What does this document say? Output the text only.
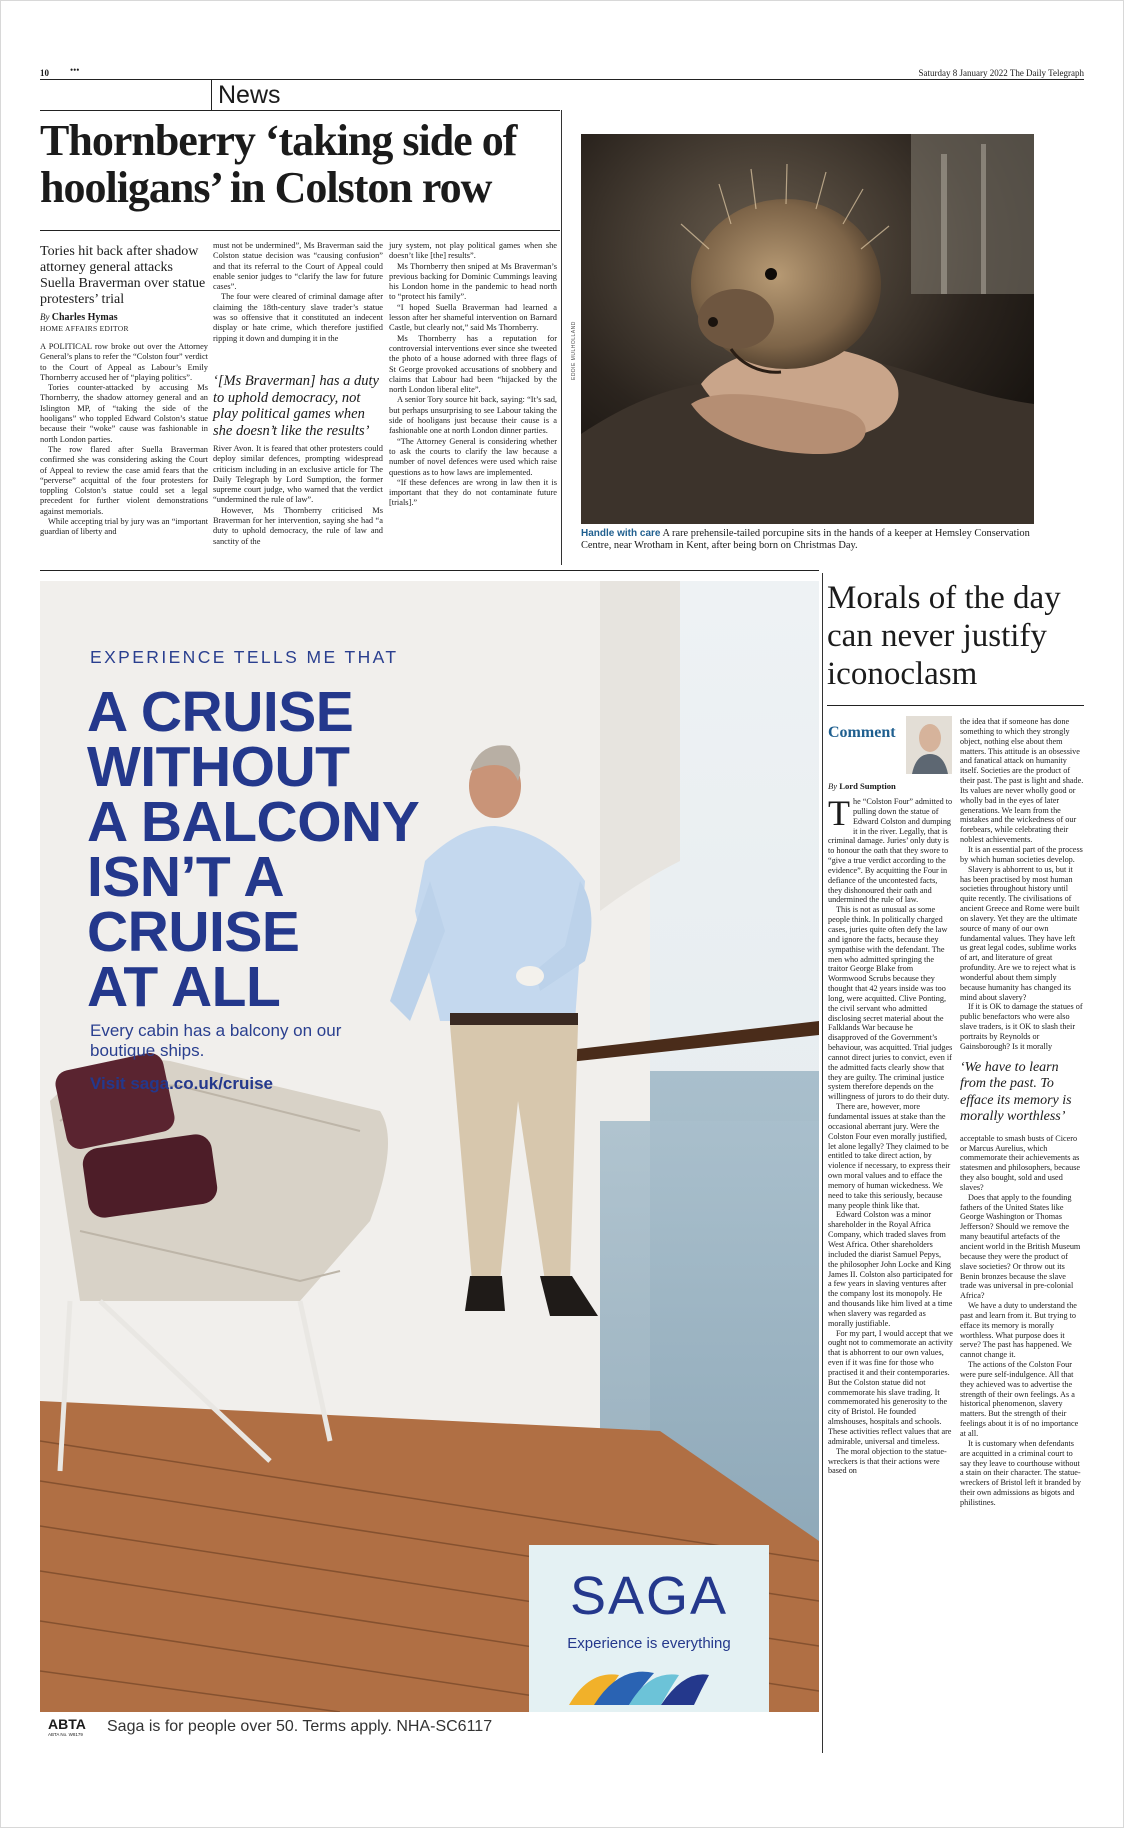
10 •••	Saturday 8 January 2022 The Daily Telegraph
News
Thornberry ‘taking side of hooligans’ in Colston row
Tories hit back after shadow attorney general attacks Suella Braverman over statue protesters’ trial
By Charles Hymas
HOME AFFAIRS EDITOR

A POLITICAL row broke out over the Attorney General’s plans to refer the “Colston four” verdict to the Court of Appeal as Labour’s Emily Thornberry accused her of “playing politics”.

Tories counter-attacked by accusing Ms Thornberry, the shadow attorney general and an Islington MP, of “taking the side of the hooligans” who toppled Edward Colston’s statue because their “woke” cause was fashionable in north London parties.

The row flared after Suella Braverman confirmed she was considering asking the Court of Appeal to review the case amid fears that the “perverse” acquittal of the four protesters for toppling Colston’s statue could set a legal precedent for further violent demonstrations against memorials.

While accepting trial by jury was an “important guardian of liberty and

must not be undermined”, Ms Braverman said the Colston statue decision was “causing confusion” and that its referral to the Court of Appeal could enable senior judges to “clarify the law for future cases”.

The four were cleared of criminal damage after claiming the 18th-century slave trader’s statue was so offensive that it constituted an indecent display or hate crime, which therefore justified ripping it down and dumping it in the

‘[Ms Braverman] has a duty to uphold democracy, not play political games when she doesn’t like the results’

River Avon. It is feared that other protesters could deploy similar defences, prompting widespread criticism including in an exclusive article for The Daily Telegraph by Lord Sumption, the former supreme court judge, who warned that the verdict “undermined the rule of law”.

However, Ms Thornberry criticised Ms Braverman for her intervention, saying she had “a duty to uphold democracy, the rule of law and sanctity of the

jury system, not play political games when she doesn’t like [the] results”.

Ms Thornberry then sniped at Ms Braverman’s previous backing for Dominic Cummings leaving his London home in the pandemic to head north to “protect his family”.

“I hoped Suella Braverman had learned a lesson after her shameful intervention on Barnard Castle, but clearly not,” said Ms Thornberry.

Ms Thornberry has a reputation for controversial interventions ever since she tweeted the photo of a house adorned with three flags of St George provoked accusations of snobbery and claims that Labour had been “hijacked by the north London liberal elite”.

A senior Tory source hit back, saying: “It’s sad, but perhaps unsurprising to see Labour taking the side of hooligans just because their cause is a fashionable one at north London dinner parties.

“The Attorney General is considering whether to ask the courts to clarify the law because a number of novel defences were used which raise questions as to how laws are implemented.

“If these defences are wrong in law then it is important that they do not contaminate future [trials].”

EDDIE MULHOLLAND
Handle with care A rare prehensile-tailed porcupine sits in the hands of a keeper at Hemsley Conservation Centre, near Wrotham in Kent, after being born on Christmas Day.
EXPERIENCE TELLS ME THAT
A CRUISE
WITHOUT
A BALCONY
ISN’T A
CRUISE
AT ALL
Every cabin has a balcony on our boutique ships.
Visit saga.co.uk/cruise
SAGA
Experience is everything
ABTA
ABTA No. W8179 Saga is for people over 50. Terms apply. NHA-SC6117
Morals of the day can never justify iconoclasm
Comment
By Lord Sumption

The “Colston Four” admitted to pulling down the statue of Edward Colston and dumping it in the river. Legally, that is criminal damage. Juries’ only duty is to honour the oath that they swore to “give a true verdict according to the evidence”. By acquitting the Four in defiance of the uncontested facts, they dishonoured their oath and undermined the rule of law.

This is not as unusual as some people think. In politically charged cases, juries quite often defy the law and ignore the facts, because they sympathise with the defendant. The men who admitted springing the traitor George Blake from Wormwood Scrubs because they thought that 42 years inside was too long, were acquitted. Clive Ponting, the civil servant who admitted disclosing secret material about the Falklands War because he disapproved of the Government’s behaviour, was acquitted. Trial judges cannot direct juries to convict, even if the admitted facts clearly show that they are guilty. The criminal justice system therefore depends on the willingness of jurors to do their duty.

There are, however, more fundamental issues at stake than the occasional aberrant jury. Were the Colston Four even morally justified, let alone legally? They claimed to be entitled to take direct action, by violence if necessary, to express their own moral values and to efface the memory of human wickedness. We need to take this seriously, because many people think like that.

Edward Colston was a minor shareholder in the Royal Africa Company, which traded slaves from West Africa. Other shareholders included the diarist Samuel Pepys, the philosopher John Locke and King James II. Colston also participated for a few years in slaving ventures after the company lost its monopoly. He and thousands like him lived at a time when slavery was regarded as morally justifiable.

For my part, I would accept that we ought not to commemorate an activity that is abhorrent to our own values, even if it was fine for those who practised it and their contemporaries. But the Colston statue did not commemorate his slave trading. It commemorated his generosity to the city of Bristol. He founded almshouses, hospitals and schools. These activities reflect values that are admirable, universal and timeless.

The moral objection to the statue-wreckers is that their actions were based on

the idea that if someone has done something to which they strongly object, nothing else about them matters. This attitude is an obsessive and fanatical attack on humanity itself. Societies are the product of their past. The past is light and shade. Its values are never wholly good or wholly bad in the eyes of later generations. We learn from the mistakes and the wickedness of our forebears, while celebrating their noblest achievements.

It is an essential part of the process by which human societies develop.

Slavery is abhorrent to us, but it has been practised by most human societies throughout history until quite recently. The civilisations of ancient Greece and Rome were built on slavery. Yet they are the ultimate source of many of our own fundamental values. They have left us great legal codes, sublime works of art, and literature of great profundity. Are we to reject what is wonderful about them simply because humanity has changed its mind about slavery?

If it is OK to damage the statues of public benefactors who were also slave traders, is it OK to slash their portraits by Reynolds or Gainsborough? Is it morally

‘We have to learn from the past. To efface its memory is morally worthless’

acceptable to smash busts of Cicero or Marcus Aurelius, which commemorate their achievements as statesmen and philosophers, because they also bought, sold and used slaves?

Does that apply to the founding fathers of the United States like George Washington or Thomas Jefferson? Should we remove the many beautiful artefacts of the ancient world in the British Museum because they were the product of slave societies? Or throw out its Benin bronzes because the slave trade was universal in pre-colonial Africa?

We have a duty to understand the past and learn from it. But trying to efface its memory is morally worthless. What purpose does it serve? The past has happened. We cannot change it.

The actions of the Colston Four were pure self-indulgence. All that they achieved was to advertise the strength of their own feelings. As a historical phenomenon, slavery matters. But the strength of their feelings about it is of no importance at all.

It is customary when defendants are acquitted in a criminal court to say they leave to courthouse without a stain on their character. The statue-wreckers of Bristol left it branded by their own admissions as bigots and philistines.
